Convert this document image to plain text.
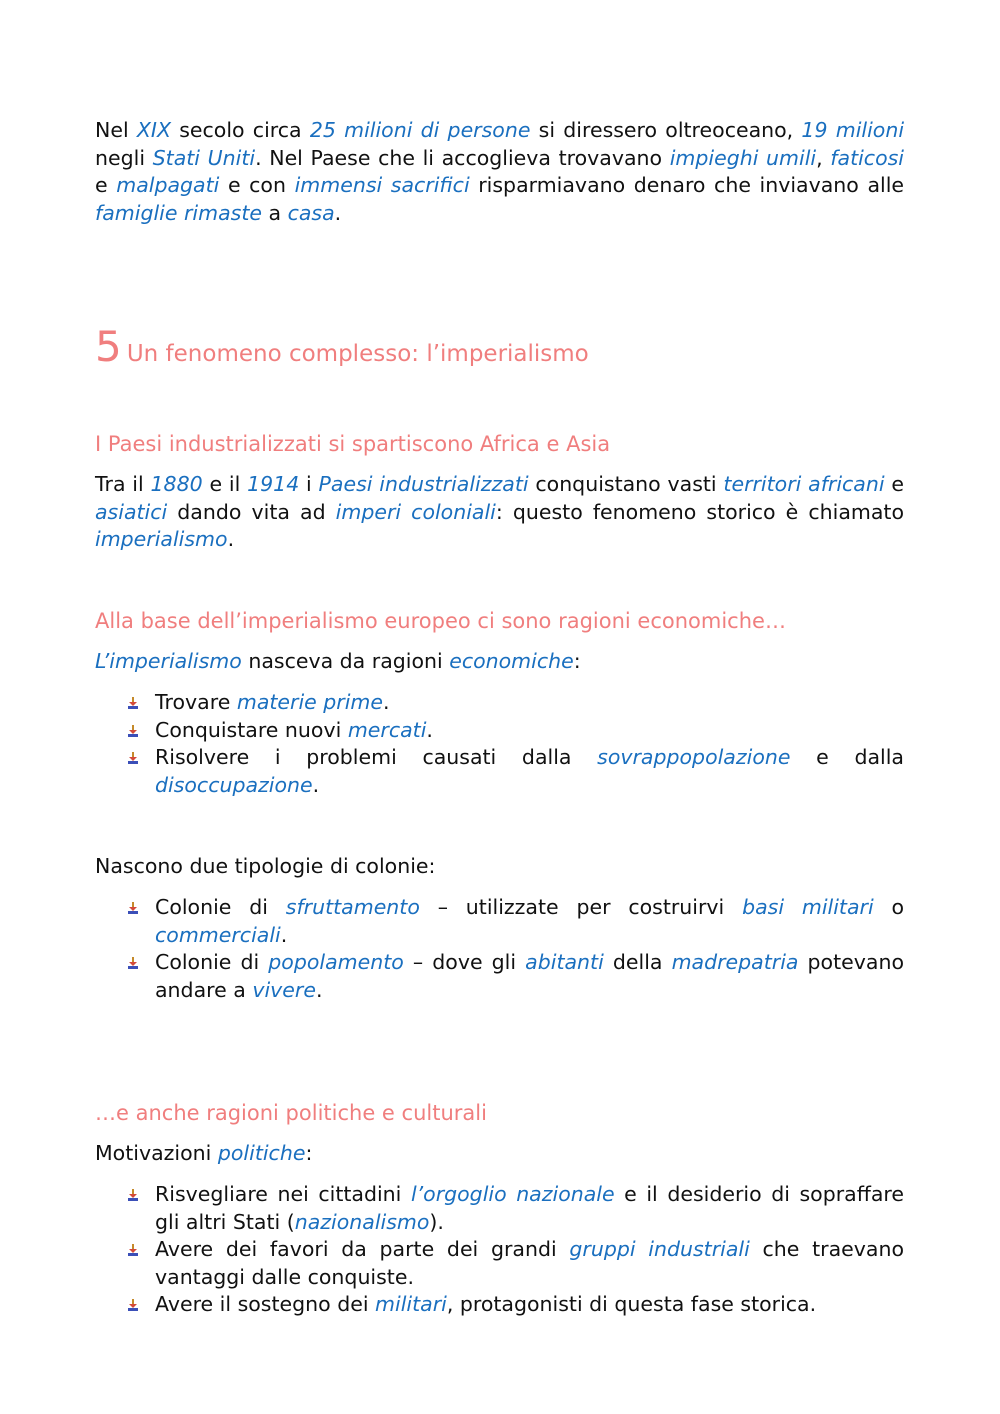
Nel XIX secolo circa 25 milioni di persone si diressero oltreoceano, 19 milioni negli Stati Uniti. Nel Paese che li accoglieva trovavano impieghi umili, faticosi e malpagati e con immensi sacrifici risparmiavano denaro che inviavano alle famiglie rimaste a casa.

5 Un fenomeno complesso: l’imperialismo

I Paesi industrializzati si spartiscono Africa e Asia

Tra il 1880 e il 1914 i Paesi industrializzati conquistano vasti territori africani e asiatici dando vita ad imperi coloniali: questo fenomeno storico è chiamato imperialismo.

Alla base dell’imperialismo europeo ci sono ragioni economiche…

L’imperialismo nasceva da ragioni economiche:

Trovare materie prime.
Conquistare nuovi mercati.
Risolvere i problemi causati dalla sovrappopolazione e dalla disoccupazione.

Nascono due tipologie di colonie:

Colonie di sfruttamento – utilizzate per costruirvi basi militari o commerciali.
Colonie di popolamento – dove gli abitanti della madrepatria potevano andare a vivere.

…e anche ragioni politiche e culturali

Motivazioni politiche:

Risvegliare nei cittadini l’orgoglio nazionale e il desiderio di sopraffare gli altri Stati (nazionalismo).
Avere dei favori da parte dei grandi gruppi industriali che traevano vantaggi dalle conquiste.
Avere il sostegno dei militari, protagonisti di questa fase storica.
